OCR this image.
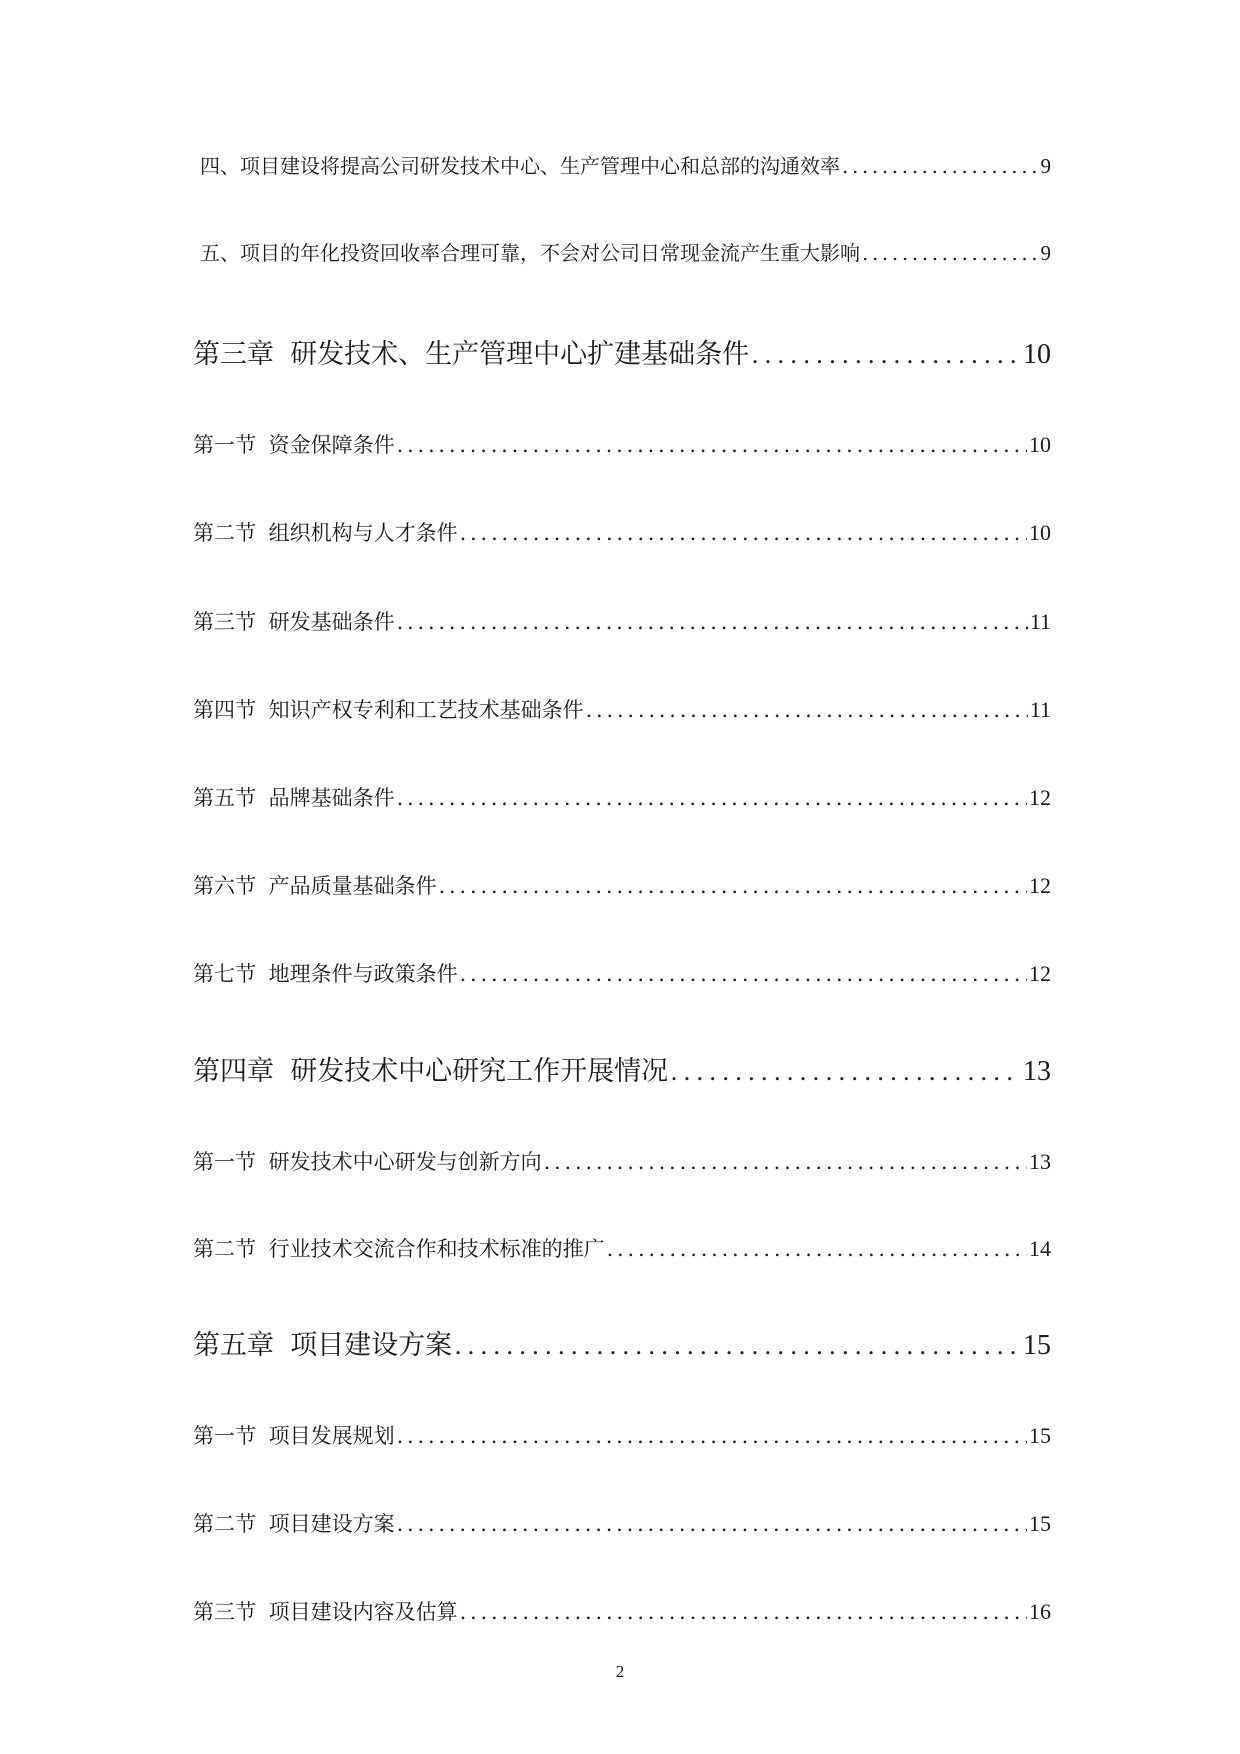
四、项目建设将提高公司研发技术中心、生产管理中心和总部的沟通效率 .....	9
五、项目的年化投资回收率合理可靠，不会对公司日常现金流产生重大影响 .....	9
第三章 研发技术、生产管理中心扩建基础条件 .....	10
第一节 资金保障条件 .....	10
第二节 组织机构与人才条件 .....	10
第三节 研发基础条件 .....	11
第四节 知识产权专利和工艺技术基础条件 .....	11
第五节 品牌基础条件 .....	12
第六节 产品质量基础条件 .....	12
第七节 地理条件与政策条件 .....	12
第四章 研发技术中心研究工作开展情况 .....	13
第一节 研发技术中心研发与创新方向 .....	13
第二节 行业技术交流合作和技术标准的推广 .....	14
第五章 项目建设方案 .....	15
第一节 项目发展规划 .....	15
第二节 项目建设方案 .....	15
第三节 项目建设内容及估算 .....	16
2
